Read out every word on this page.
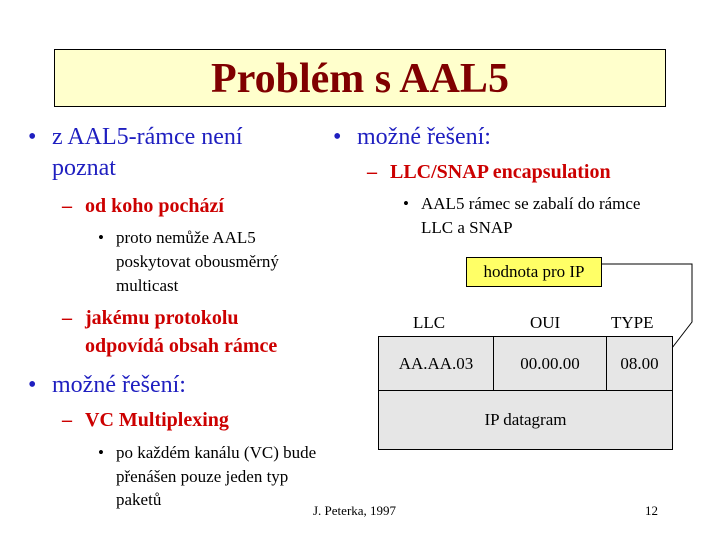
Problém s AAL5
• z AAL5-rámce není
poznat
– od koho pochází
• proto nemůže AAL5
poskytovat obousměrný
multicast
– jakému protokolu
odpovídá obsah rámce
• možné řešení:
– VC Multiplexing
• po každém kanálu (VC) bude
přenášen pouze jeden typ
paketů
• možné řešení:
– LLC/SNAP encapsulation
• AAL5 rámec se zabalí do rámce
LLC a SNAP
hodnota pro IP
LLC	OUI	TYPE
AA.AA.03	00.00.00 08.00
IP datagram
J. Peterka, 1997	12
